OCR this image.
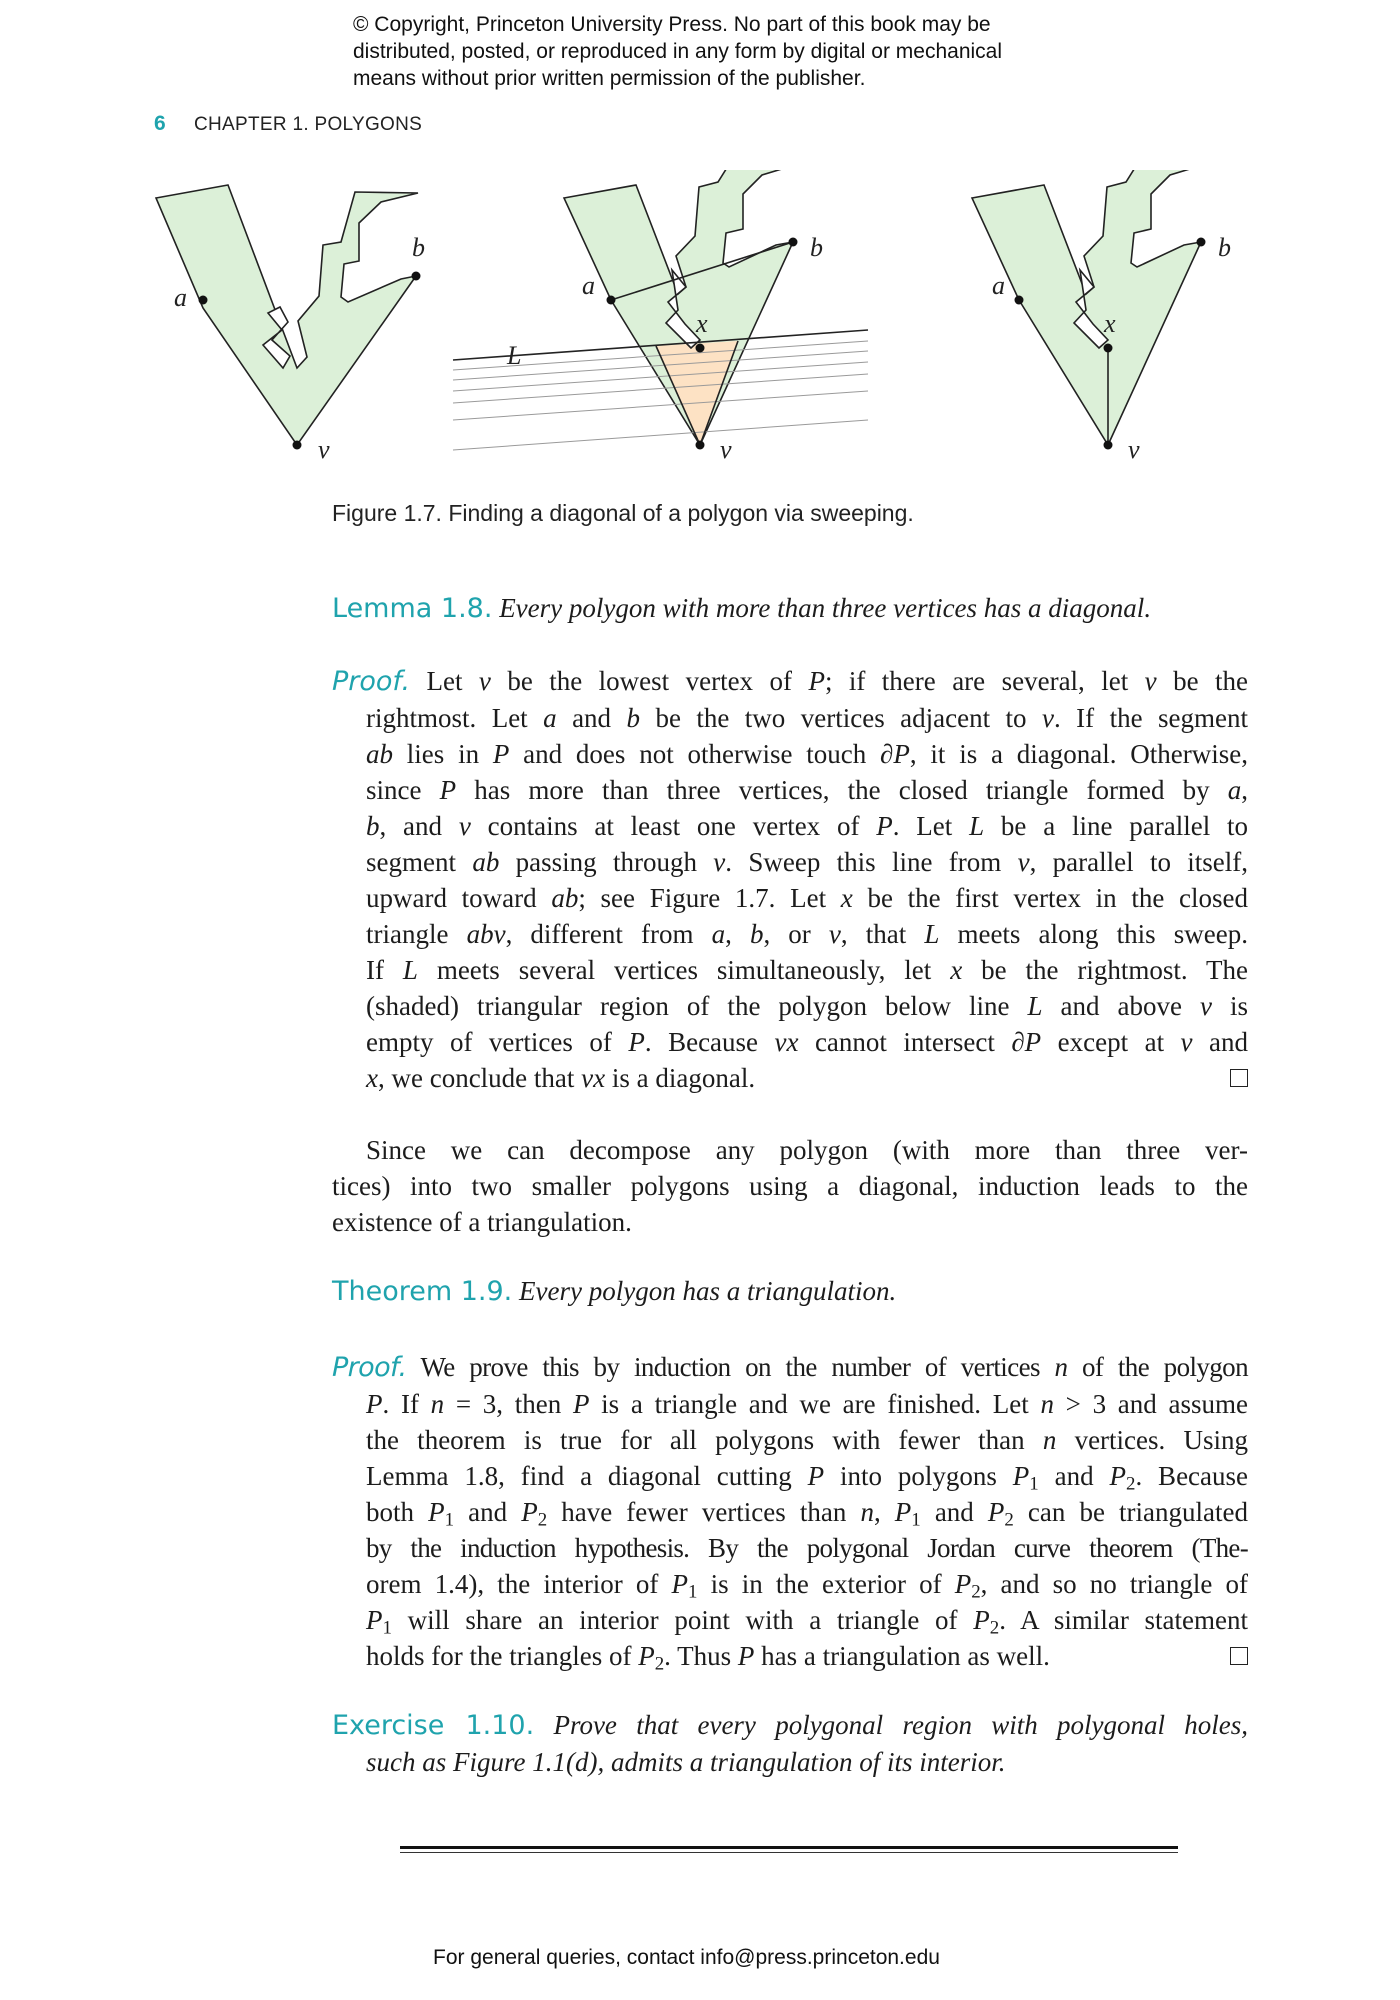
© Copyright, Princeton University Press. No part of this book may be
distributed, posted, or reproduced in any form by digital or mechanical
means without prior written permission of the publisher.
6 CHAPTER 1. POLYGONS
a
b
v
a
b
x
L
v
a
b
x
v
Figure 1.7. Finding a diagonal of a polygon via sweeping.
Lemma 1.8. Every polygon with more than three vertices has a diagonal.
Proof. Let v be the lowest vertex of P; if there are several, let v be the
rightmost. Let a and b be the two vertices adjacent to v. If the segment
ab lies in P and does not otherwise touch ∂P, it is a diagonal. Otherwise,
since P has more than three vertices, the closed triangle formed by a,
b, and v contains at least one vertex of P. Let L be a line parallel to
segment ab passing through v. Sweep this line from v, parallel to itself,
upward toward ab; see Figure 1.7. Let x be the first vertex in the closed
triangle abv, different from a, b, or v, that L meets along this sweep.
If L meets several vertices simultaneously, let x be the rightmost. The
(shaded) triangular region of the polygon below line L and above v is
empty of vertices of P. Because vx cannot intersect ∂P except at v and
x, we conclude that vx is a diagonal.
Since we can decompose any polygon (with more than three ver-
tices) into two smaller polygons using a diagonal, induction leads to the
existence of a triangulation.
Theorem 1.9. Every polygon has a triangulation.
Proof. We prove this by induction on the number of vertices n of the polygon
P. If n = 3, then P is a triangle and we are finished. Let n > 3 and assume
the theorem is true for all polygons with fewer than n vertices. Using
Lemma 1.8, find a diagonal cutting P into polygons $P_1$ and $P_2$. Because
both $P_1$ and $P_2$ have fewer vertices than n, $P_1$ and $P_2$ can be triangulated
by the induction hypothesis. By the polygonal Jordan curve theorem (The-
orem 1.4), the interior of $P_1$ is in the exterior of $P_2$, and so no triangle of
$P_1$ will share an interior point with a triangle of $P_2$. A similar statement
holds for the triangles of $P_2$. Thus P has a triangulation as well.
Exercise 1.10. Prove that every polygonal region with polygonal holes,
such as Figure 1.1(d), admits a triangulation of its interior.
For general queries, contact info@press.princeton.edu
